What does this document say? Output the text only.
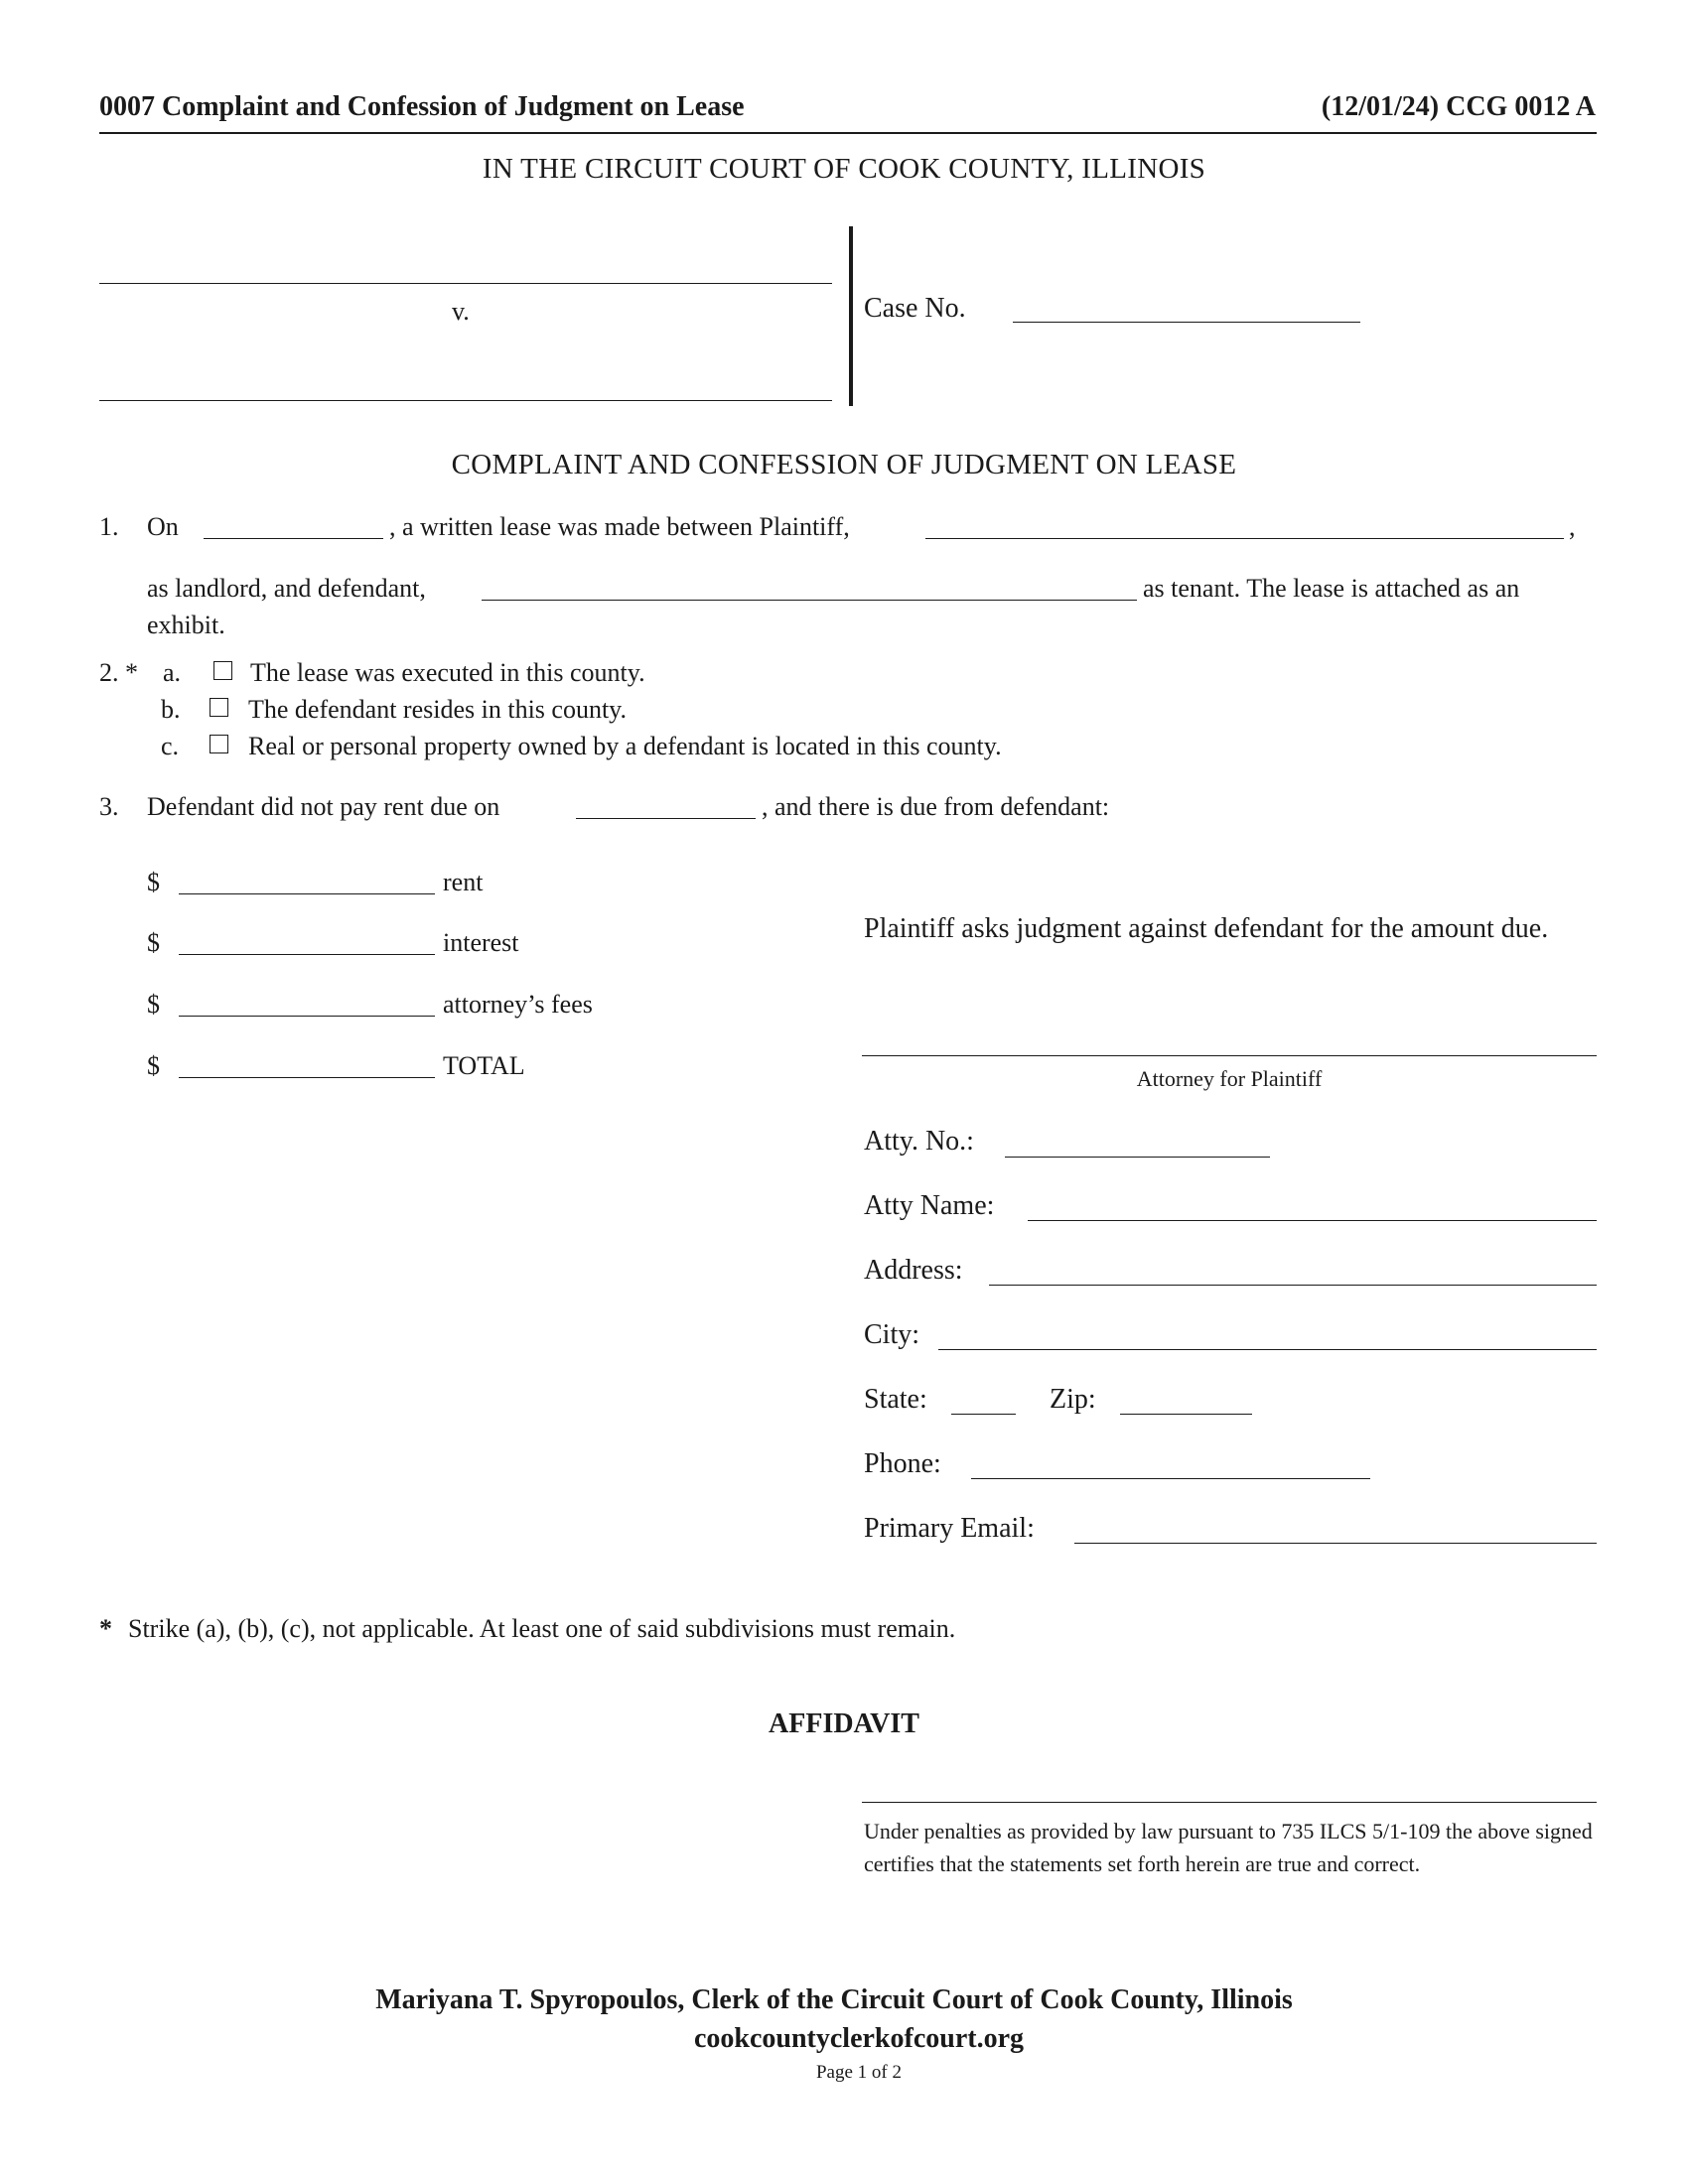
0007 Complaint and Confession of Judgment on Lease	(12/01/24) CCG 0012 A
IN THE CIRCUIT COURT OF COOK COUNTY, ILLINOIS
v.	Case No.
COMPLAINT AND CONFESSION OF JUDGMENT ON LEASE
1. On	, a written lease was made between Plaintiff,	,
as landlord, and defendant,	as tenant. The lease is attached as an
exhibit.
2. * a.	The lease was executed in this county.
b.	The defendant resides in this county.
c.	Real or personal property owned by a defendant is located in this county.
3. Defendant did not pay rent due on	, and there is due from defendant:
$	rent
$	interest
$	attorney’s fees
$	TOTAL
Plaintiff asks judgment against defendant for the amount due.
Attorney for Plaintiff
Atty. No.:
Atty Name:
Address:
City:
State:	Zip:
Phone:
Primary Email:
* Strike (a), (b), (c), not applicable. At least one of said subdivisions must remain.
AFFIDAVIT
Under penalties as provided by law pursuant to 735 ILCS 5/1-109 the above signed certifies that the statements set forth herein are true and correct.
Mariyana T. Spyropoulos, Clerk of the Circuit Court of Cook County, Illinois
cookcountyclerkofcourt.org
Page 1 of 2
